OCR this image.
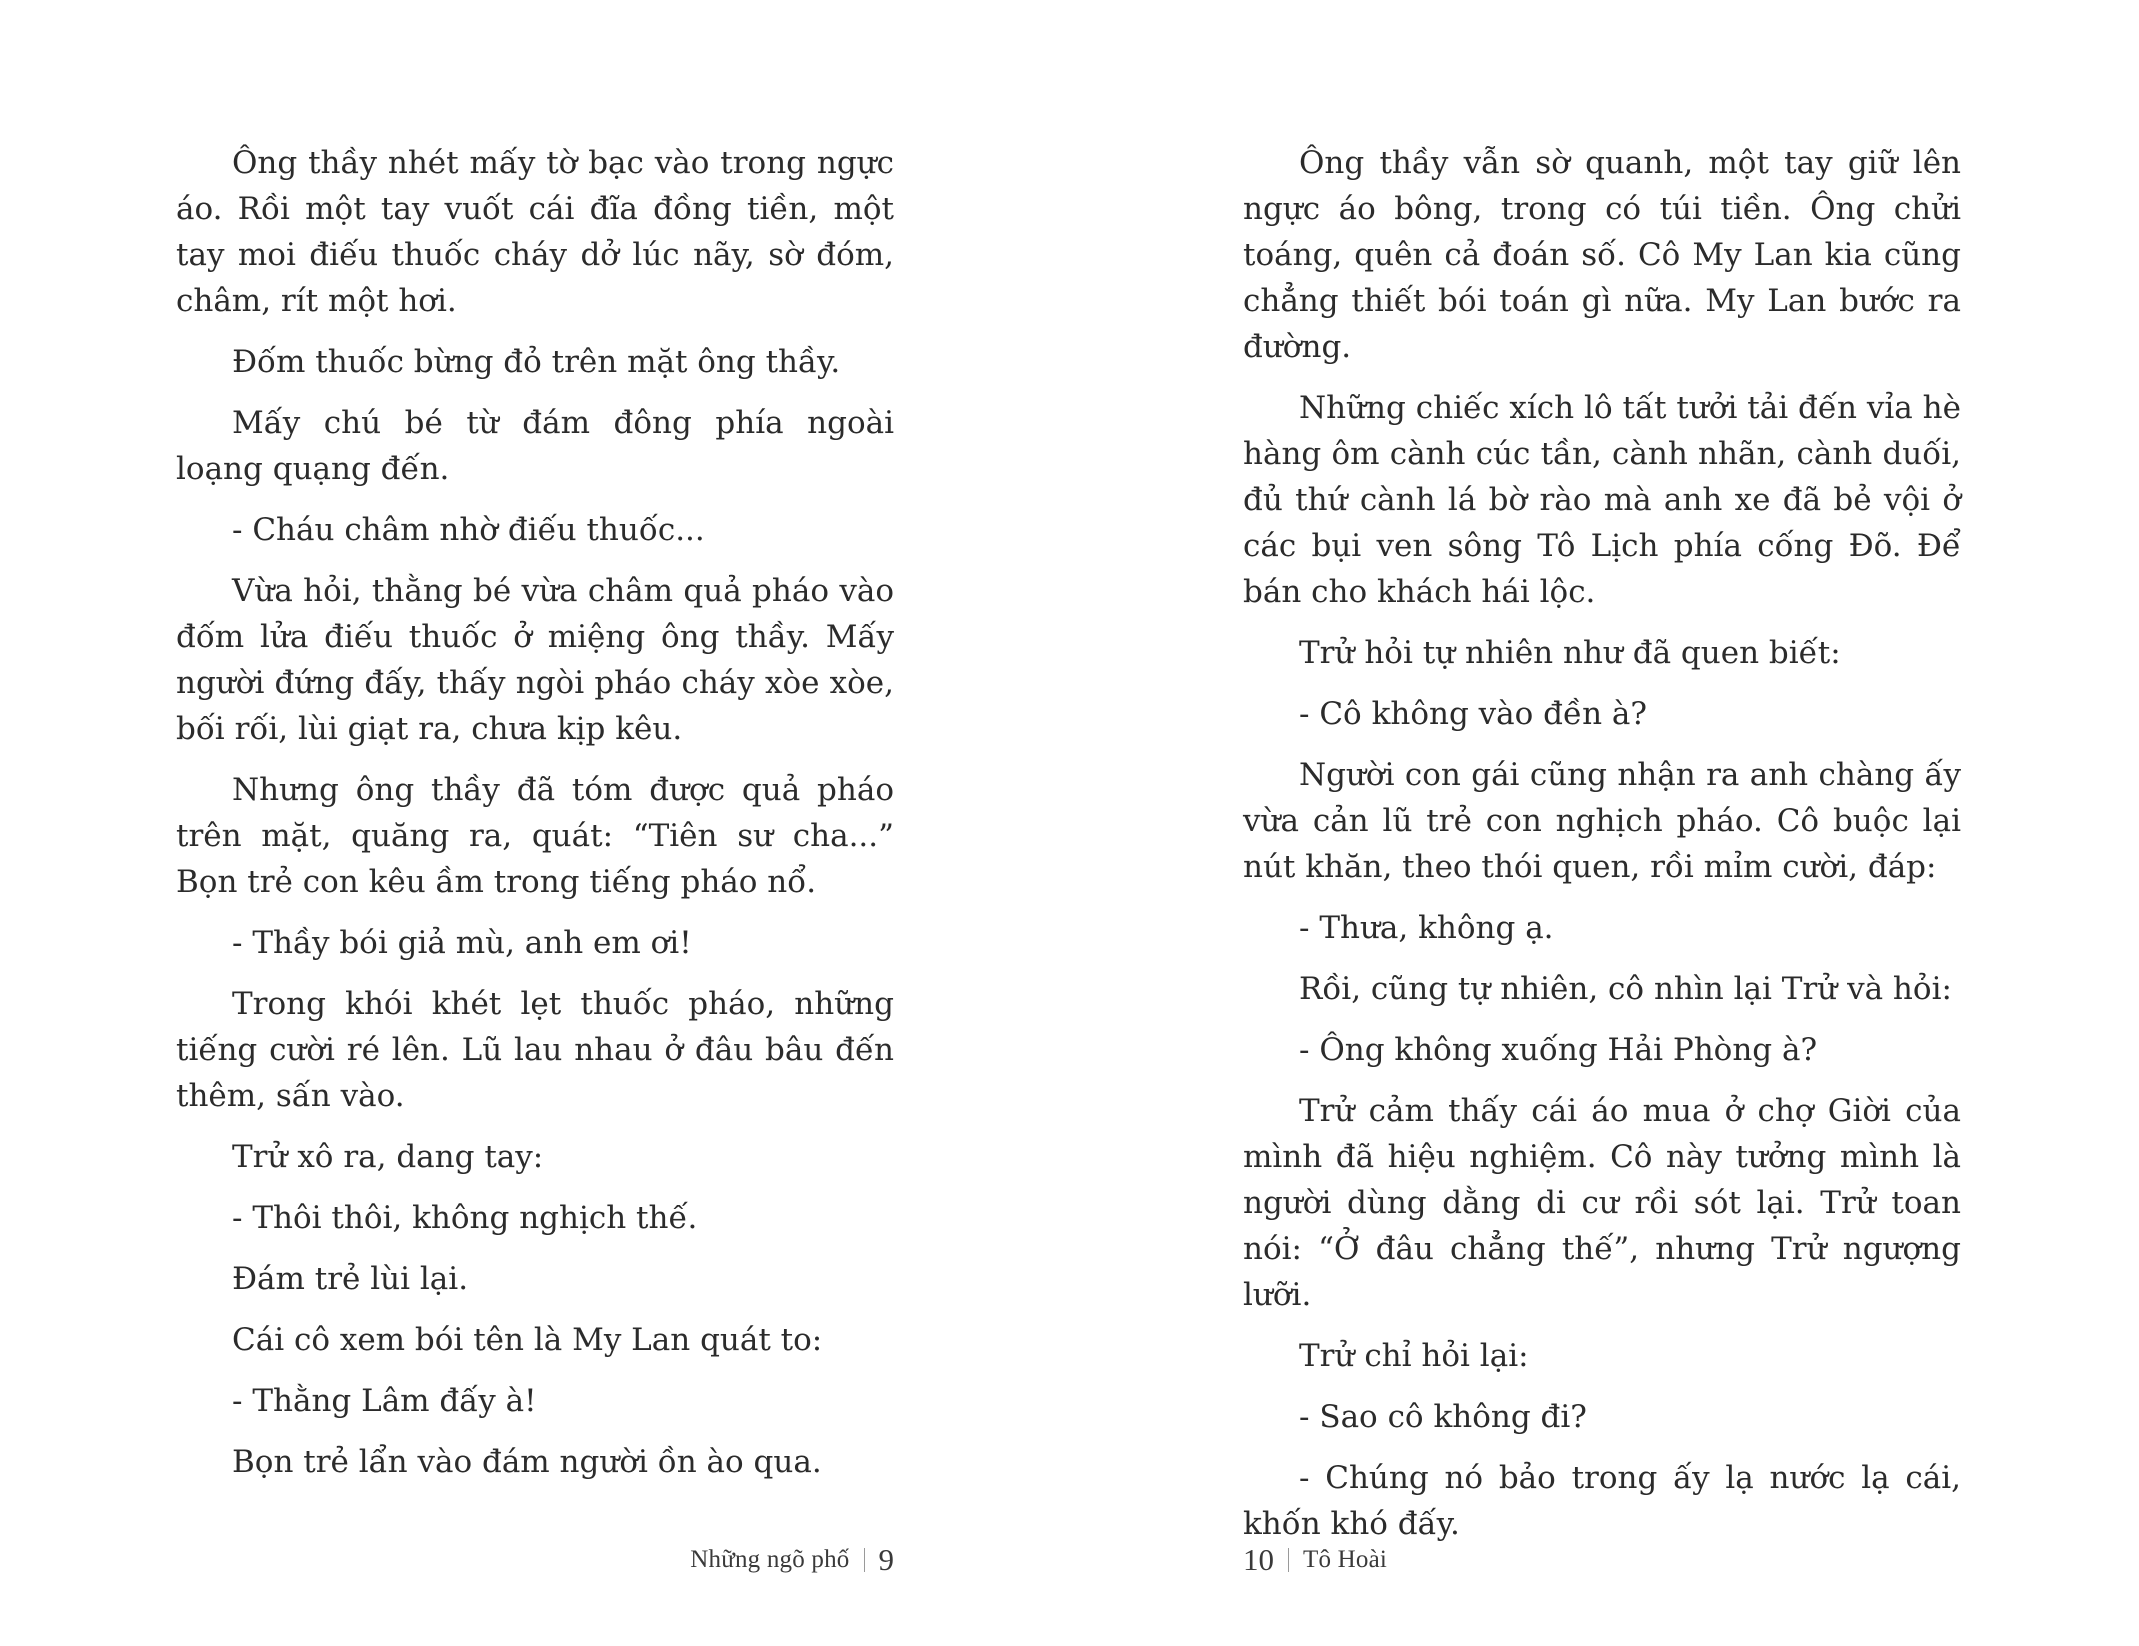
Ông thầy nhét mấy tờ bạc vào trong ngực áo. Rồi một tay vuốt cái đĩa đồng tiền, một tay moi điếu thuốc cháy dở lúc nãy, sờ đóm, châm, rít một hơi.

Đốm thuốc bừng đỏ trên mặt ông thầy.

Mấy chú bé từ đám đông phía ngoài loạng quạng đến.

- Cháu châm nhờ điếu thuốc...

Vừa hỏi, thằng bé vừa châm quả pháo vào đốm lửa điếu thuốc ở miệng ông thầy. Mấy người đứng đấy, thấy ngòi pháo cháy xòe xòe, bối rối, lùi giạt ra, chưa kịp kêu.

Nhưng ông thầy đã tóm được quả pháo trên mặt, quăng ra, quát: “Tiên sư cha...” Bọn trẻ con kêu ầm trong tiếng pháo nổ.

- Thầy bói giả mù, anh em ơi!

Trong khói khét lẹt thuốc pháo, những tiếng cười ré lên. Lũ lau nhau ở đâu bâu đến thêm, sấn vào.

Trử xô ra, dang tay:

- Thôi thôi, không nghịch thế.

Đám trẻ lùi lại.

Cái cô xem bói tên là My Lan quát to:

- Thằng Lâm đấy à!

Bọn trẻ lẩn vào đám người ồn ào qua.

Ông thầy vẫn sờ quanh, một tay giữ lên ngực áo bông, trong có túi tiền. Ông chửi toáng, quên cả đoán số. Cô My Lan kia cũng chẳng thiết bói toán gì nữa. My Lan bước ra đường.

Những chiếc xích lô tất tưởi tải đến vỉa hè hàng ôm cành cúc tần, cành nhãn, cành duối, đủ thứ cành lá bờ rào mà anh xe đã bẻ vội ở các bụi ven sông Tô Lịch phía cống Đõ. Để bán cho khách hái lộc.

Trử hỏi tự nhiên như đã quen biết:

- Cô không vào đền à?

Người con gái cũng nhận ra anh chàng ấy vừa cản lũ trẻ con nghịch pháo. Cô buộc lại nút khăn, theo thói quen, rồi mỉm cười, đáp:

- Thưa, không ạ.

Rồi, cũng tự nhiên, cô nhìn lại Trử và hỏi:

- Ông không xuống Hải Phòng à?

Trử cảm thấy cái áo mua ở chợ Giời của mình đã hiệu nghiệm. Cô này tưởng mình là người dùng dằng di cư rồi sót lại. Trử toan nói: “Ở đâu chẳng thế”, nhưng Trử ngượng lưỡi.

Trử chỉ hỏi lại:

- Sao cô không đi?

- Chúng nó bảo trong ấy lạ nước lạ cái, khốn khó đấy.

Những ngõ phố 9	10 Tô Hoài
